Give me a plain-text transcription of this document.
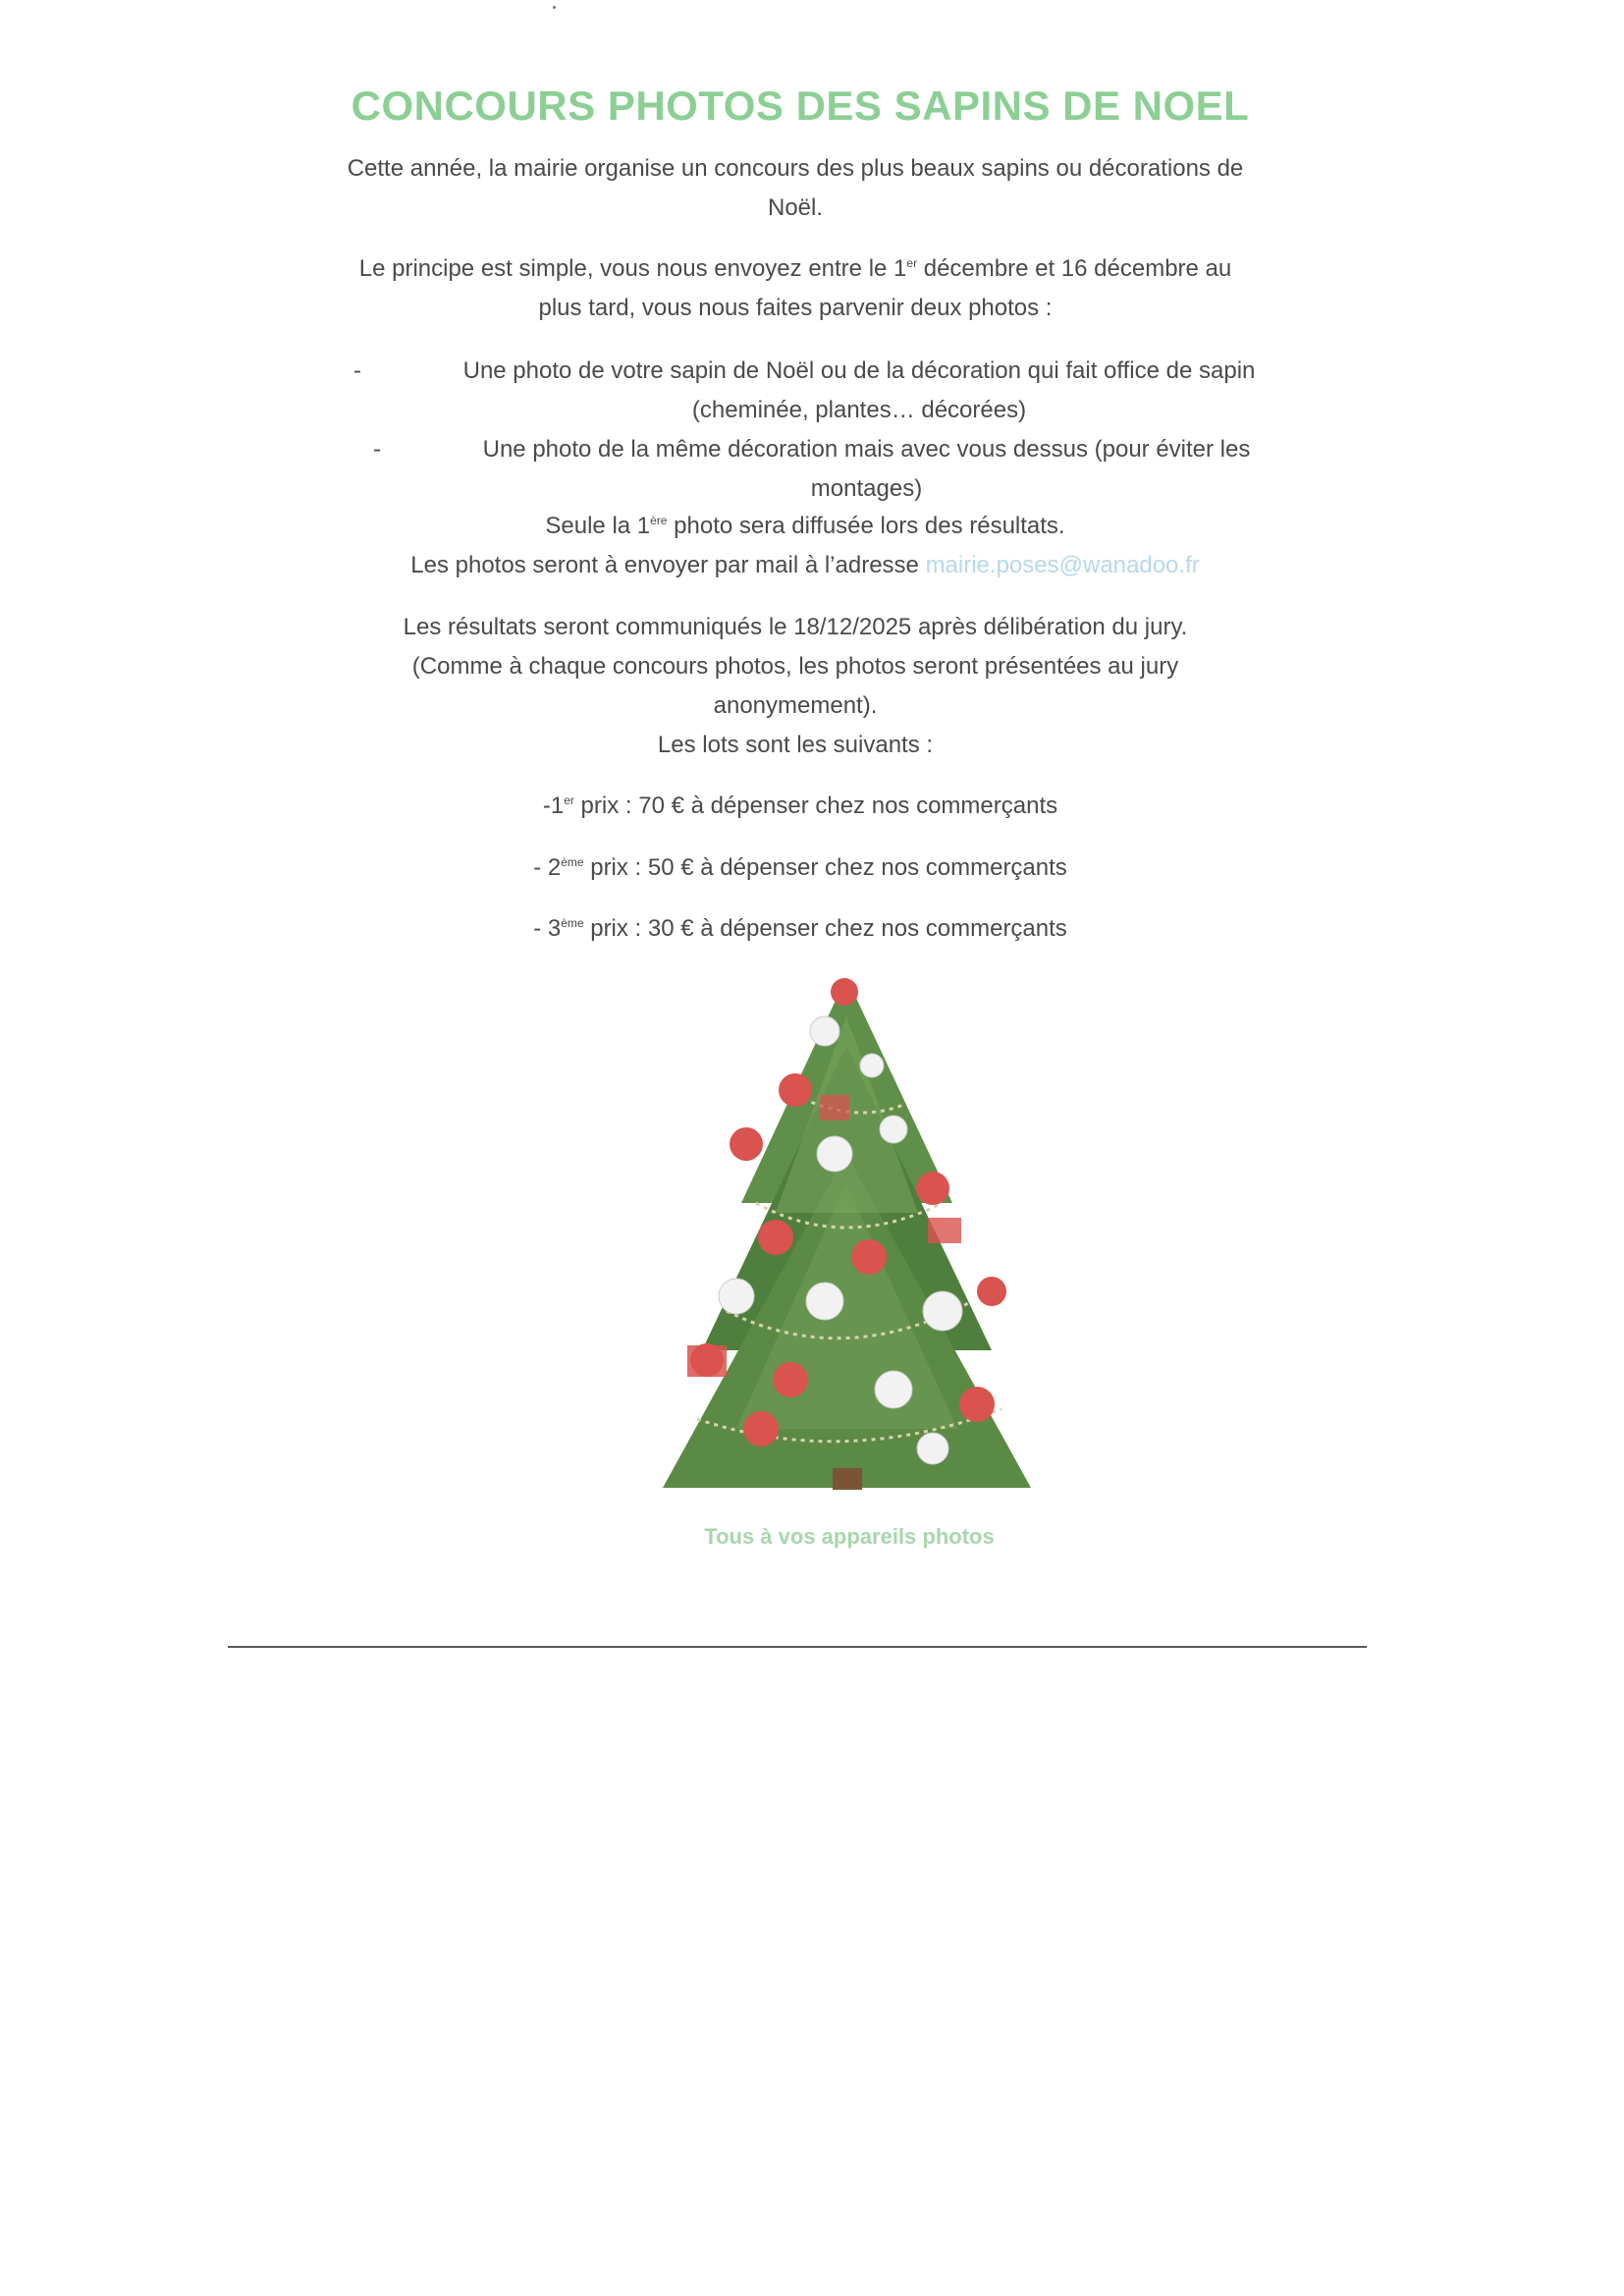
CONCOURS PHOTOS DES SAPINS DE NOEL

Cette année, la mairie organise un concours des plus beaux sapins ou décorations de
Noël.

Le principe est simple, vous nous envoyez entre le 1er décembre et 16 décembre au
plus tard, vous nous faites parvenir deux photos :

-	Une photo de votre sapin de Noël ou de la décoration qui fait office de sapin
(cheminée, plantes… décorées)
-	Une photo de la même décoration mais avec vous dessus (pour éviter les
montages)

Seule la 1ère photo sera diffusée lors des résultats.

Les photos seront à envoyer par mail à l’adresse mairie.poses@wanadoo.fr

Les résultats seront communiqués le 18/12/2025 après délibération du jury.
(Comme à chaque concours photos, les photos seront présentées au jury
anonymement).
Les lots sont les suivants :

-1er prix : 70 € à dépenser chez nos commerçants

- 2ème prix : 50 € à dépenser chez nos commerçants

- 3ème prix : 30 € à dépenser chez nos commerçants

Tous à vos appareils photos
